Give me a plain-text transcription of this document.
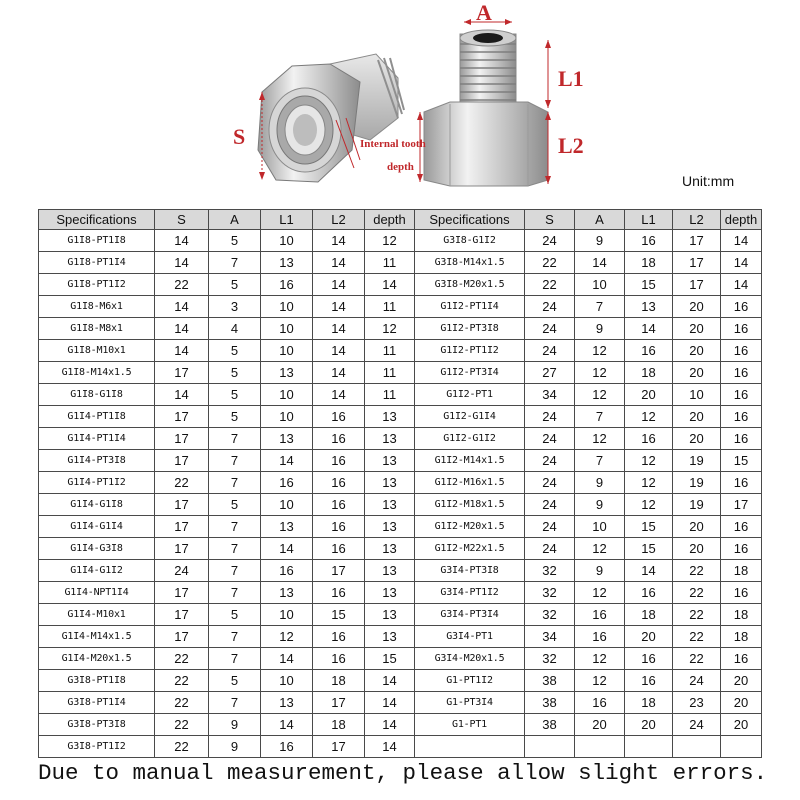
A
L1
L2
S	Internal tooth
depth
Unit:mm
Specifications	S	A	L1	L2	depth	Specifications	S	A	L1	L2	depth
G1I8-PT1I8	14	5	10	14	12	G3I8-G1I2	24	9	16	17	14
G1I8-PT1I4	14	7	13	14	11	G3I8-M14x1.5	22	14	18	17	14
G1I8-PT1I2	22	5	16	14	14	G3I8-M20x1.5	22	10	15	17	14
G1I8-M6x1	14	3	10	14	11	G1I2-PT1I4	24	7	13	20	16
G1I8-M8x1	14	4	10	14	12	G1I2-PT3I8	24	9	14	20	16
G1I8-M10x1	14	5	10	14	11	G1I2-PT1I2	24	12	16	20	16
G1I8-M14x1.5	17	5	13	14	11	G1I2-PT3I4	27	12	18	20	16
G1I8-G1I8	14	5	10	14	11	G1I2-PT1	34	12	20	10	16
G1I4-PT1I8	17	5	10	16	13	G1I2-G1I4	24	7	12	20	16
G1I4-PT1I4	17	7	13	16	13	G1I2-G1I2	24	12	16	20	16
G1I4-PT3I8	17	7	14	16	13	G1I2-M14x1.5	24	7	12	19	15
G1I4-PT1I2	22	7	16	16	13	G1I2-M16x1.5	24	9	12	19	16
G1I4-G1I8	17	5	10	16	13	G1I2-M18x1.5	24	9	12	19	17
G1I4-G1I4	17	7	13	16	13	G1I2-M20x1.5	24	10	15	20	16
G1I4-G3I8	17	7	14	16	13	G1I2-M22x1.5	24	12	15	20	16
G1I4-G1I2	24	7	16	17	13	G3I4-PT3I8	32	9	14	22	18
G1I4-NPT1I4	17	7	13	16	13	G3I4-PT1I2	32	12	16	22	16
G1I4-M10x1	17	5	10	15	13	G3I4-PT3I4	32	16	18	22	18
G1I4-M14x1.5	17	7	12	16	13	G3I4-PT1	34	16	20	22	18
G1I4-M20x1.5	22	7	14	16	15	G3I4-M20x1.5	32	12	16	22	16
G3I8-PT1I8	22	5	10	18	14	G1-PT1I2	38	12	16	24	20
G3I8-PT1I4	22	7	13	17	14	G1-PT3I4	38	16	18	23	20
G3I8-PT3I8	22	9	14	18	14	G1-PT1	38	20	20	24	20
G3I8-PT1I2	22	9	16	17	14						
Due to manual measurement, please allow slight errors.
